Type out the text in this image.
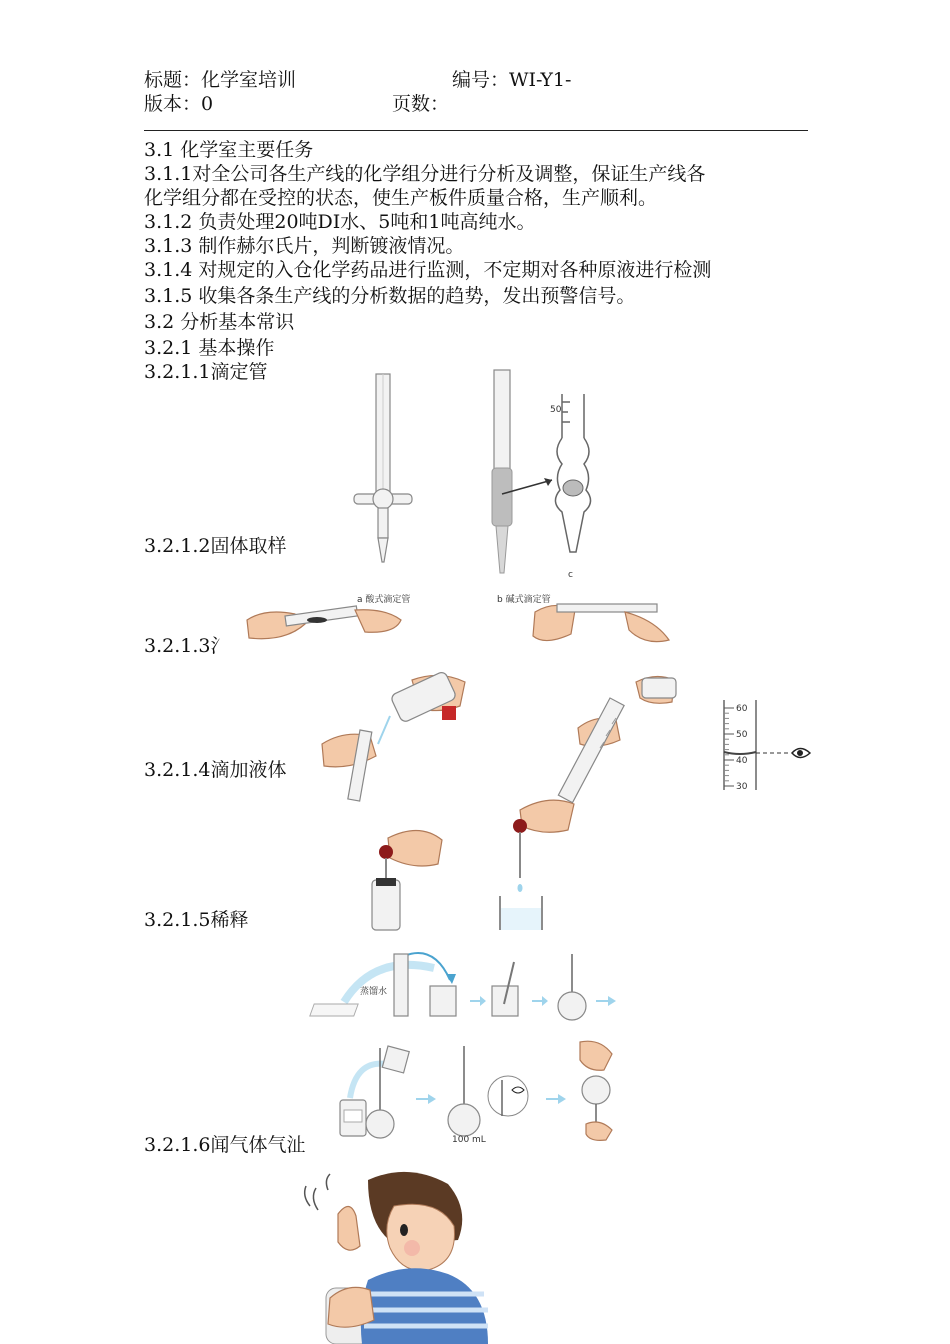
标题：化学室培训	编号：WI-Y1-
版本：0	页数：
3.1 化学室主要任务
3.1.1对全公司各生产线的化学组分进行分析及调整，保证生产线各
化学组分都在受控的状态，使生产板件质量合格，生产顺利。
3.1.2 负责处理20吨DI水、5吨和1吨高纯水。
3.1.3 制作赫尔氏片，判断镀液情况。
3.1.4 对规定的入仓化学药品进行监测，不定期对各种原液进行检测
3.1.5 收集各条生产线的分析数据的趋势，发出预警信号。
3.2 分析基本常识
3.2.1 基本操作
3.2.1.1滴定管
3.2.1.2固体取样
3.2.1.3氵
3.2.1.4滴加液体
3.2.1.5稀释
3.2.1.6闻气体气沚
50
c
a 酸式滴定管	b 碱式滴定管
60
50
40
30
蒸馏水
100 mL
